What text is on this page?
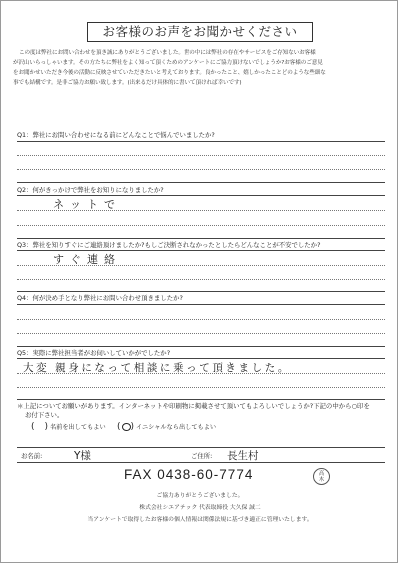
お客様のお声をお聞かせください

この度は弊社にお問い合わせを頂き誠にありがとうございました。世の中には弊社の存在やサービスをご存知ないお客様

が沢山いらっしゃいます。その方たちに弊社をよく知って頂くためのアンケートにご協力頂けないでしょうか?お客様のご意見

をお聞かせいただき今後の活動に反映させていただきたいと考えております。良かったこと、嬉しかったことどのような些細な

事でも結構です。是非ご協力お願い致します。(出来るだけ具体的に書いて頂ければ幸いです)

Q1：弊社にお問い合わせになる前にどんなことで悩んでいましたか?
Q2：何がきっかけで弊社をお知りになりましたか?
ネットで
Q3：弊社を知りすぐにご連絡頂けましたか?もしご決断されなかったとしたらどんなことが不安でしたか?
すぐ連絡
Q4：何が決め手となり弊社にお問い合わせ頂きましたか?
Q5：実際に弊社担当者がお伺いしていかがでしたか?
大変 親身になって相談に乗って頂きました。
＊上記についてお願いがあります。インターネットや印刷物に掲載させて頂いてもよろしいでしょうか?下記の中から○印を
お付下さい。
( ) 名前を出してもよい ( ) イニシャルなら出してもよい
お名前:	Y様	ご住所: 長生村
FAX 0438-60-7774	高
木
ご協力ありがとうございました。
株式会社シエアテック 代表取締役 大久保 誠二
当アンケートで取得したお客様の個人情報は関係法規に基づき適正に管理いたします。
